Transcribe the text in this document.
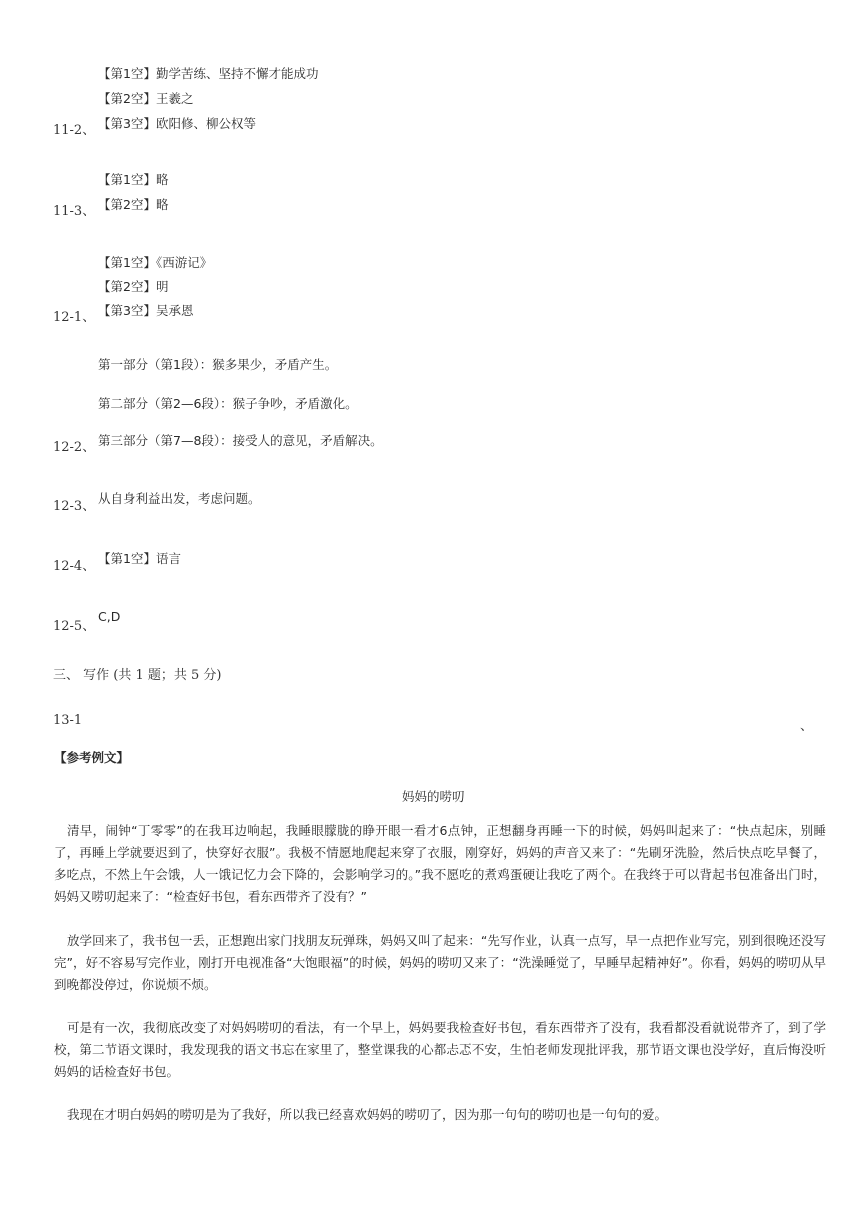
【第1空】勤学苦练、坚持不懈才能成功
【第2空】王羲之
【第3空】欧阳修、柳公权等
11-2、
【第1空】略
【第2空】略
11-3、
【第1空】《西游记》
【第2空】明
【第3空】吴承恩
12-1、
第一部分（第1段）：猴多果少，矛盾产生。
第二部分（第2—6段）：猴子争吵，矛盾激化。
第三部分（第7—8段）：接受人的意见，矛盾解决。
12-2、
12-3、
从自身利益出发，考虑问题。
12-4、
【第1空】语言
12-5、
C,D
三、 写作 (共 1 题；共 5 分)
13-1	、
【参考例文】
妈妈的唠叨
清早，闹钟“丁零零”的在我耳边响起，我睡眼朦胧的睁开眼一看才6点钟，正想翻身再睡一下的时候，妈妈叫起来了：“快点起床，别睡了，再睡上学就要迟到了，快穿好衣服”。我极不情愿地爬起来穿了衣服，刚穿好，妈妈的声音又来了：“先刷牙洗脸，然后快点吃早餐了，多吃点，不然上午会饿，人一饿记忆力会下降的，会影响学习的。”我不愿吃的煮鸡蛋硬让我吃了两个。在我终于可以背起书包准备出门时，妈妈又唠叨起来了：“检查好书包，看东西带齐了没有？”
放学回来了，我书包一丢，正想跑出家门找朋友玩弹珠，妈妈又叫了起来：“先写作业，认真一点写，早一点把作业写完，别到很晚还没写完”，好不容易写完作业，刚打开电视准备“大饱眼福”的时候，妈妈的唠叨又来了：“洗澡睡觉了，早睡早起精神好”。你看，妈妈的唠叨从早到晚都没停过，你说烦不烦。
可是有一次，我彻底改变了对妈妈唠叨的看法，有一个早上，妈妈要我检查好书包，看东西带齐了没有，我看都没看就说带齐了，到了学校，第二节语文课时，我发现我的语文书忘在家里了，整堂课我的心都忐忑不安，生怕老师发现批评我，那节语文课也没学好，直后悔没听妈妈的话检查好书包。
我现在才明白妈妈的唠叨是为了我好，所以我已经喜欢妈妈的唠叨了，因为那一句句的唠叨也是一句句的爱。
